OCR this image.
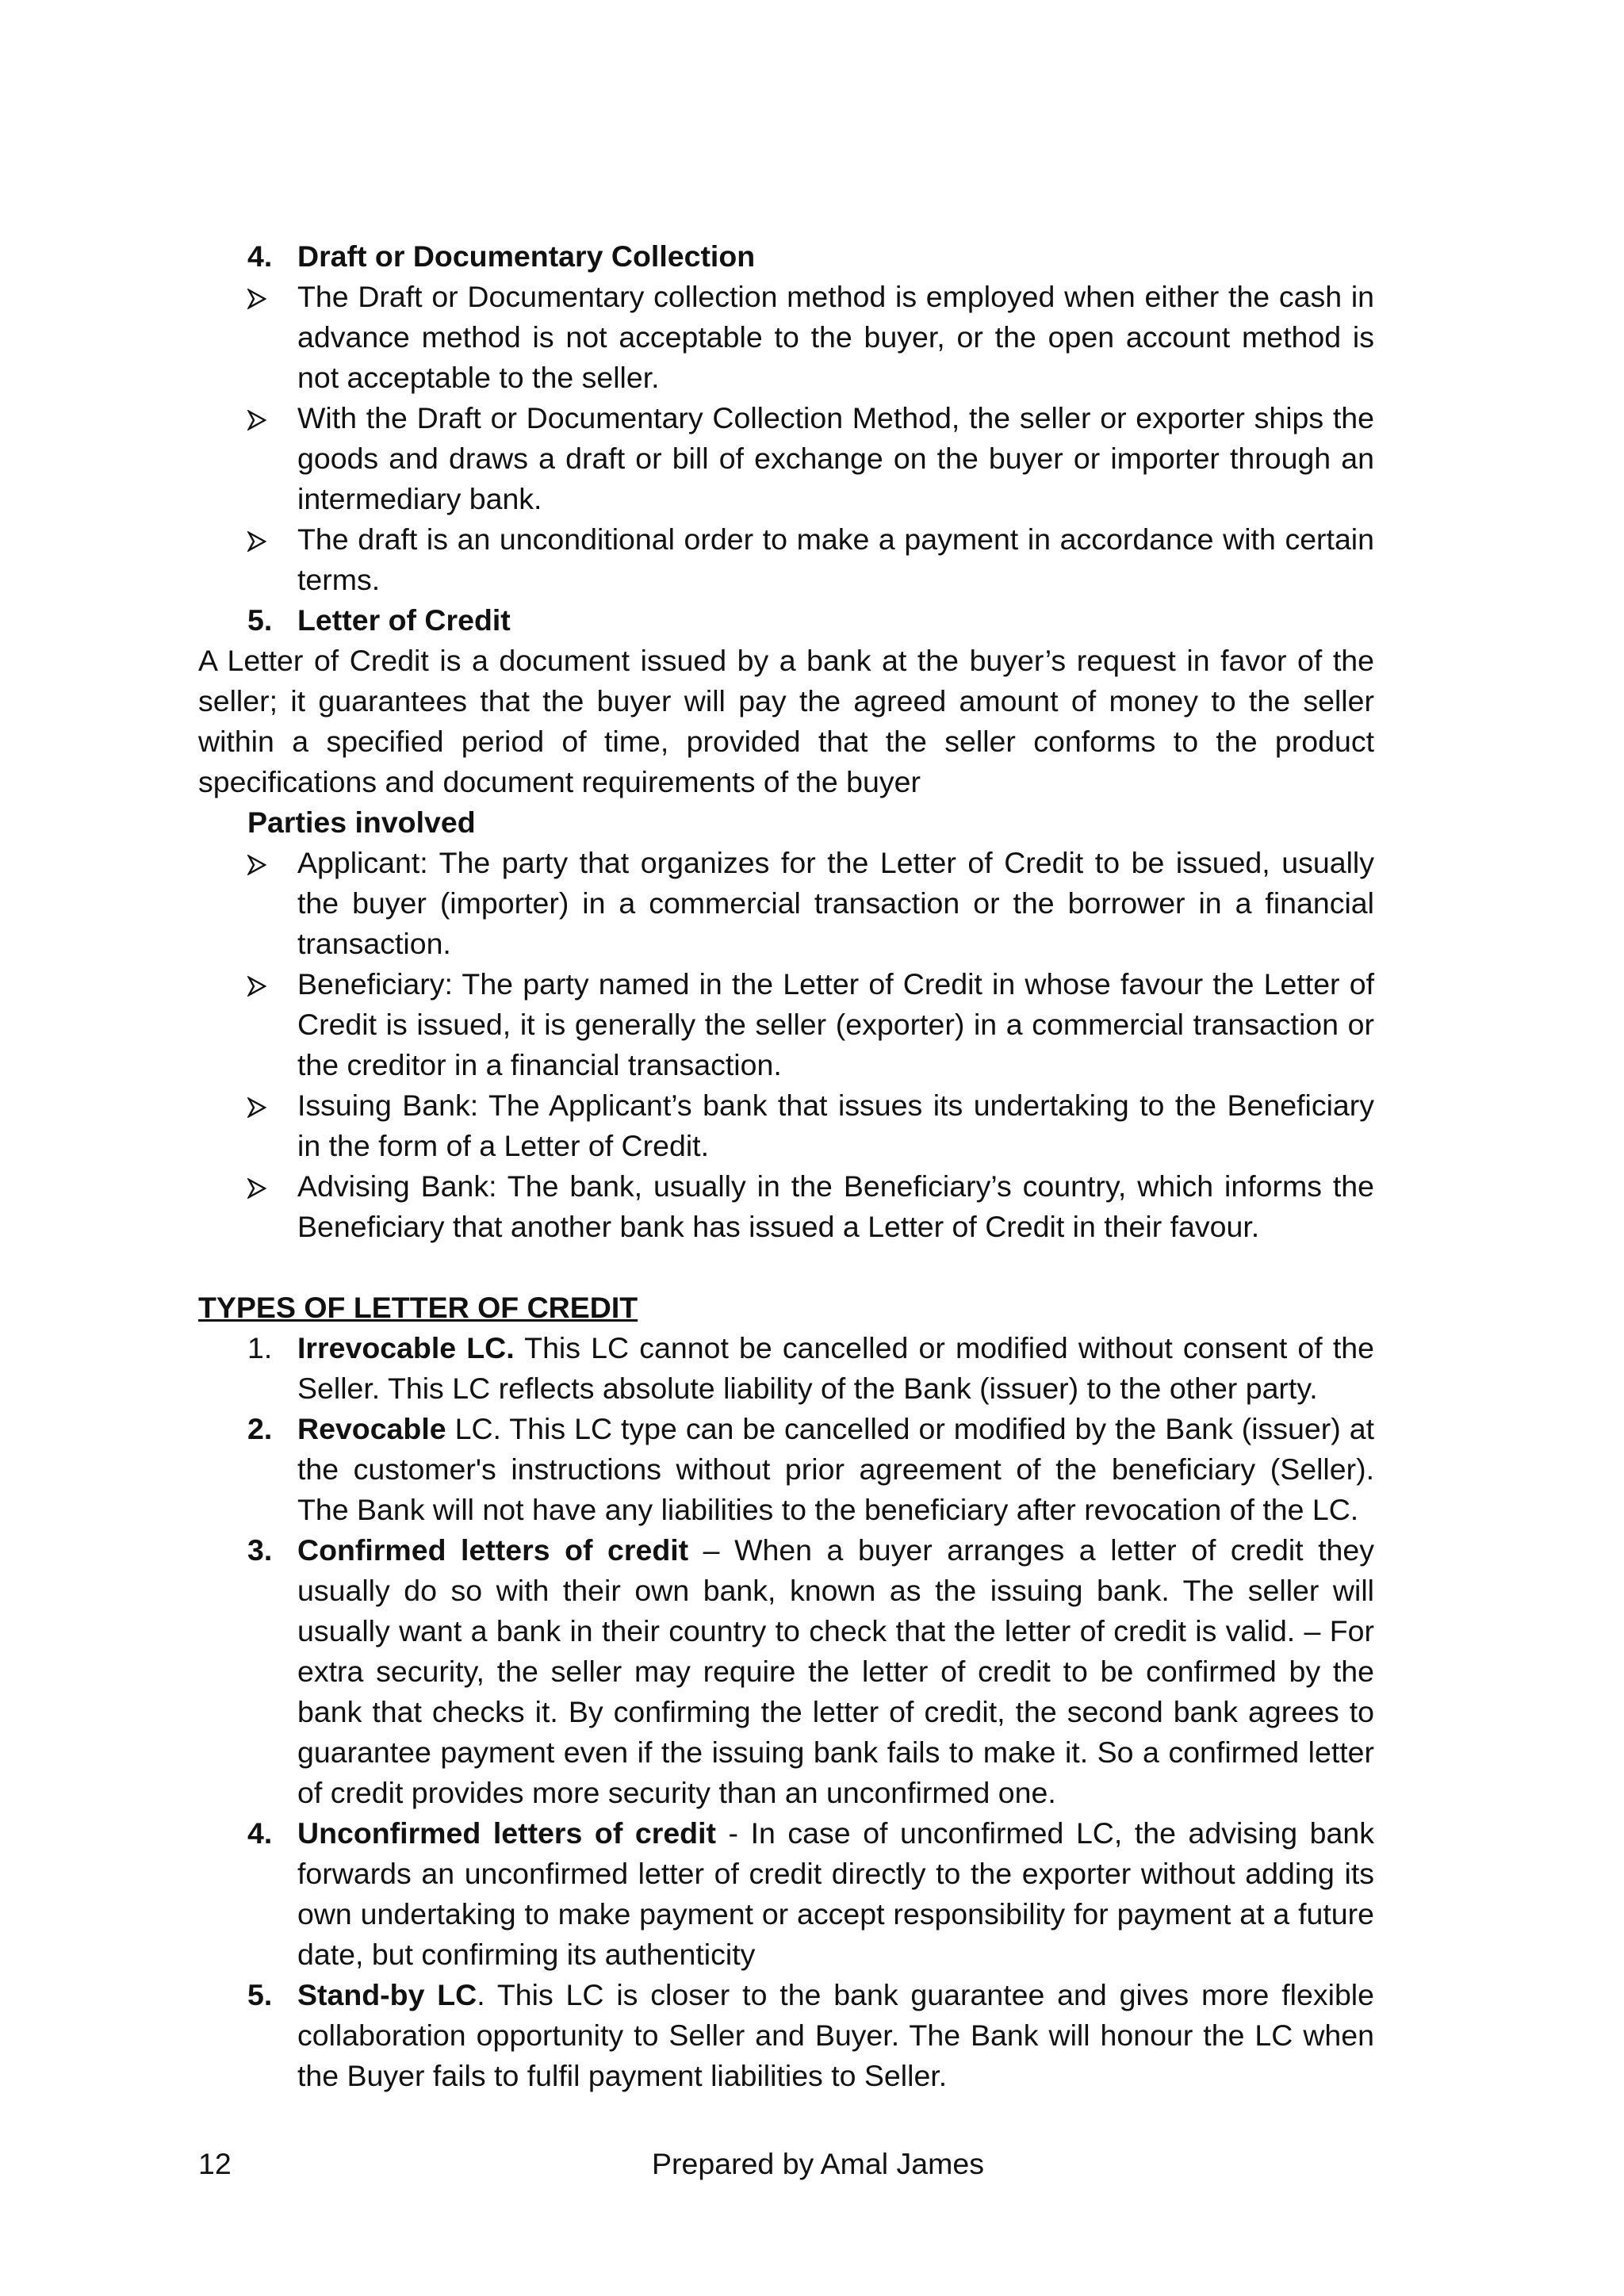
4. Draft or Documentary Collection
The Draft or Documentary collection method is employed when either the cash in advance method is not acceptable to the buyer, or the open account method is not acceptable to the seller.
With the Draft or Documentary Collection Method, the seller or exporter ships the goods and draws a draft or bill of exchange on the buyer or importer through an intermediary bank.
The draft is an unconditional order to make a payment in accordance with certain terms.
5. Letter of Credit
A Letter of Credit is a document issued by a bank at the buyer’s request in favor of the seller; it guarantees that the buyer will pay the agreed amount of money to the seller within a specified period of time, provided that the seller conforms to the product specifications and document requirements of the buyer
Parties involved
Applicant: The party that organizes for the Letter of Credit to be issued, usually the buyer (importer) in a commercial transaction or the borrower in a financial transaction.
Beneficiary: The party named in the Letter of Credit in whose favour the Letter of Credit is issued, it is generally the seller (exporter) in a commercial transaction or the creditor in a financial transaction.
Issuing Bank: The Applicant’s bank that issues its undertaking to the Beneficiary in the form of a Letter of Credit.
Advising Bank: The bank, usually in the Beneficiary’s country, which informs the Beneficiary that another bank has issued a Letter of Credit in their favour.
TYPES OF LETTER OF CREDIT
1. Irrevocable LC. This LC cannot be cancelled or modified without consent of the Seller. This LC reflects absolute liability of the Bank (issuer) to the other party.
2. Revocable LC. This LC type can be cancelled or modified by the Bank (issuer) at the customer's instructions without prior agreement of the beneficiary (Seller). The Bank will not have any liabilities to the beneficiary after revocation of the LC.
3. Confirmed letters of credit – When a buyer arranges a letter of credit they usually do so with their own bank, known as the issuing bank. The seller will usually want a bank in their country to check that the letter of credit is valid. – For extra security, the seller may require the letter of credit to be confirmed by the bank that checks it. By confirming the letter of credit, the second bank agrees to guarantee payment even if the issuing bank fails to make it. So a confirmed letter of credit provides more security than an unconfirmed one.
4. Unconfirmed letters of credit - In case of unconfirmed LC, the advising bank forwards an unconfirmed letter of credit directly to the exporter without adding its own undertaking to make payment or accept responsibility for payment at a future date, but confirming its authenticity
5. Stand-by LC. This LC is closer to the bank guarantee and gives more flexible collaboration opportunity to Seller and Buyer. The Bank will honour the LC when the Buyer fails to fulfil payment liabilities to Seller.
12	Prepared by Amal James
